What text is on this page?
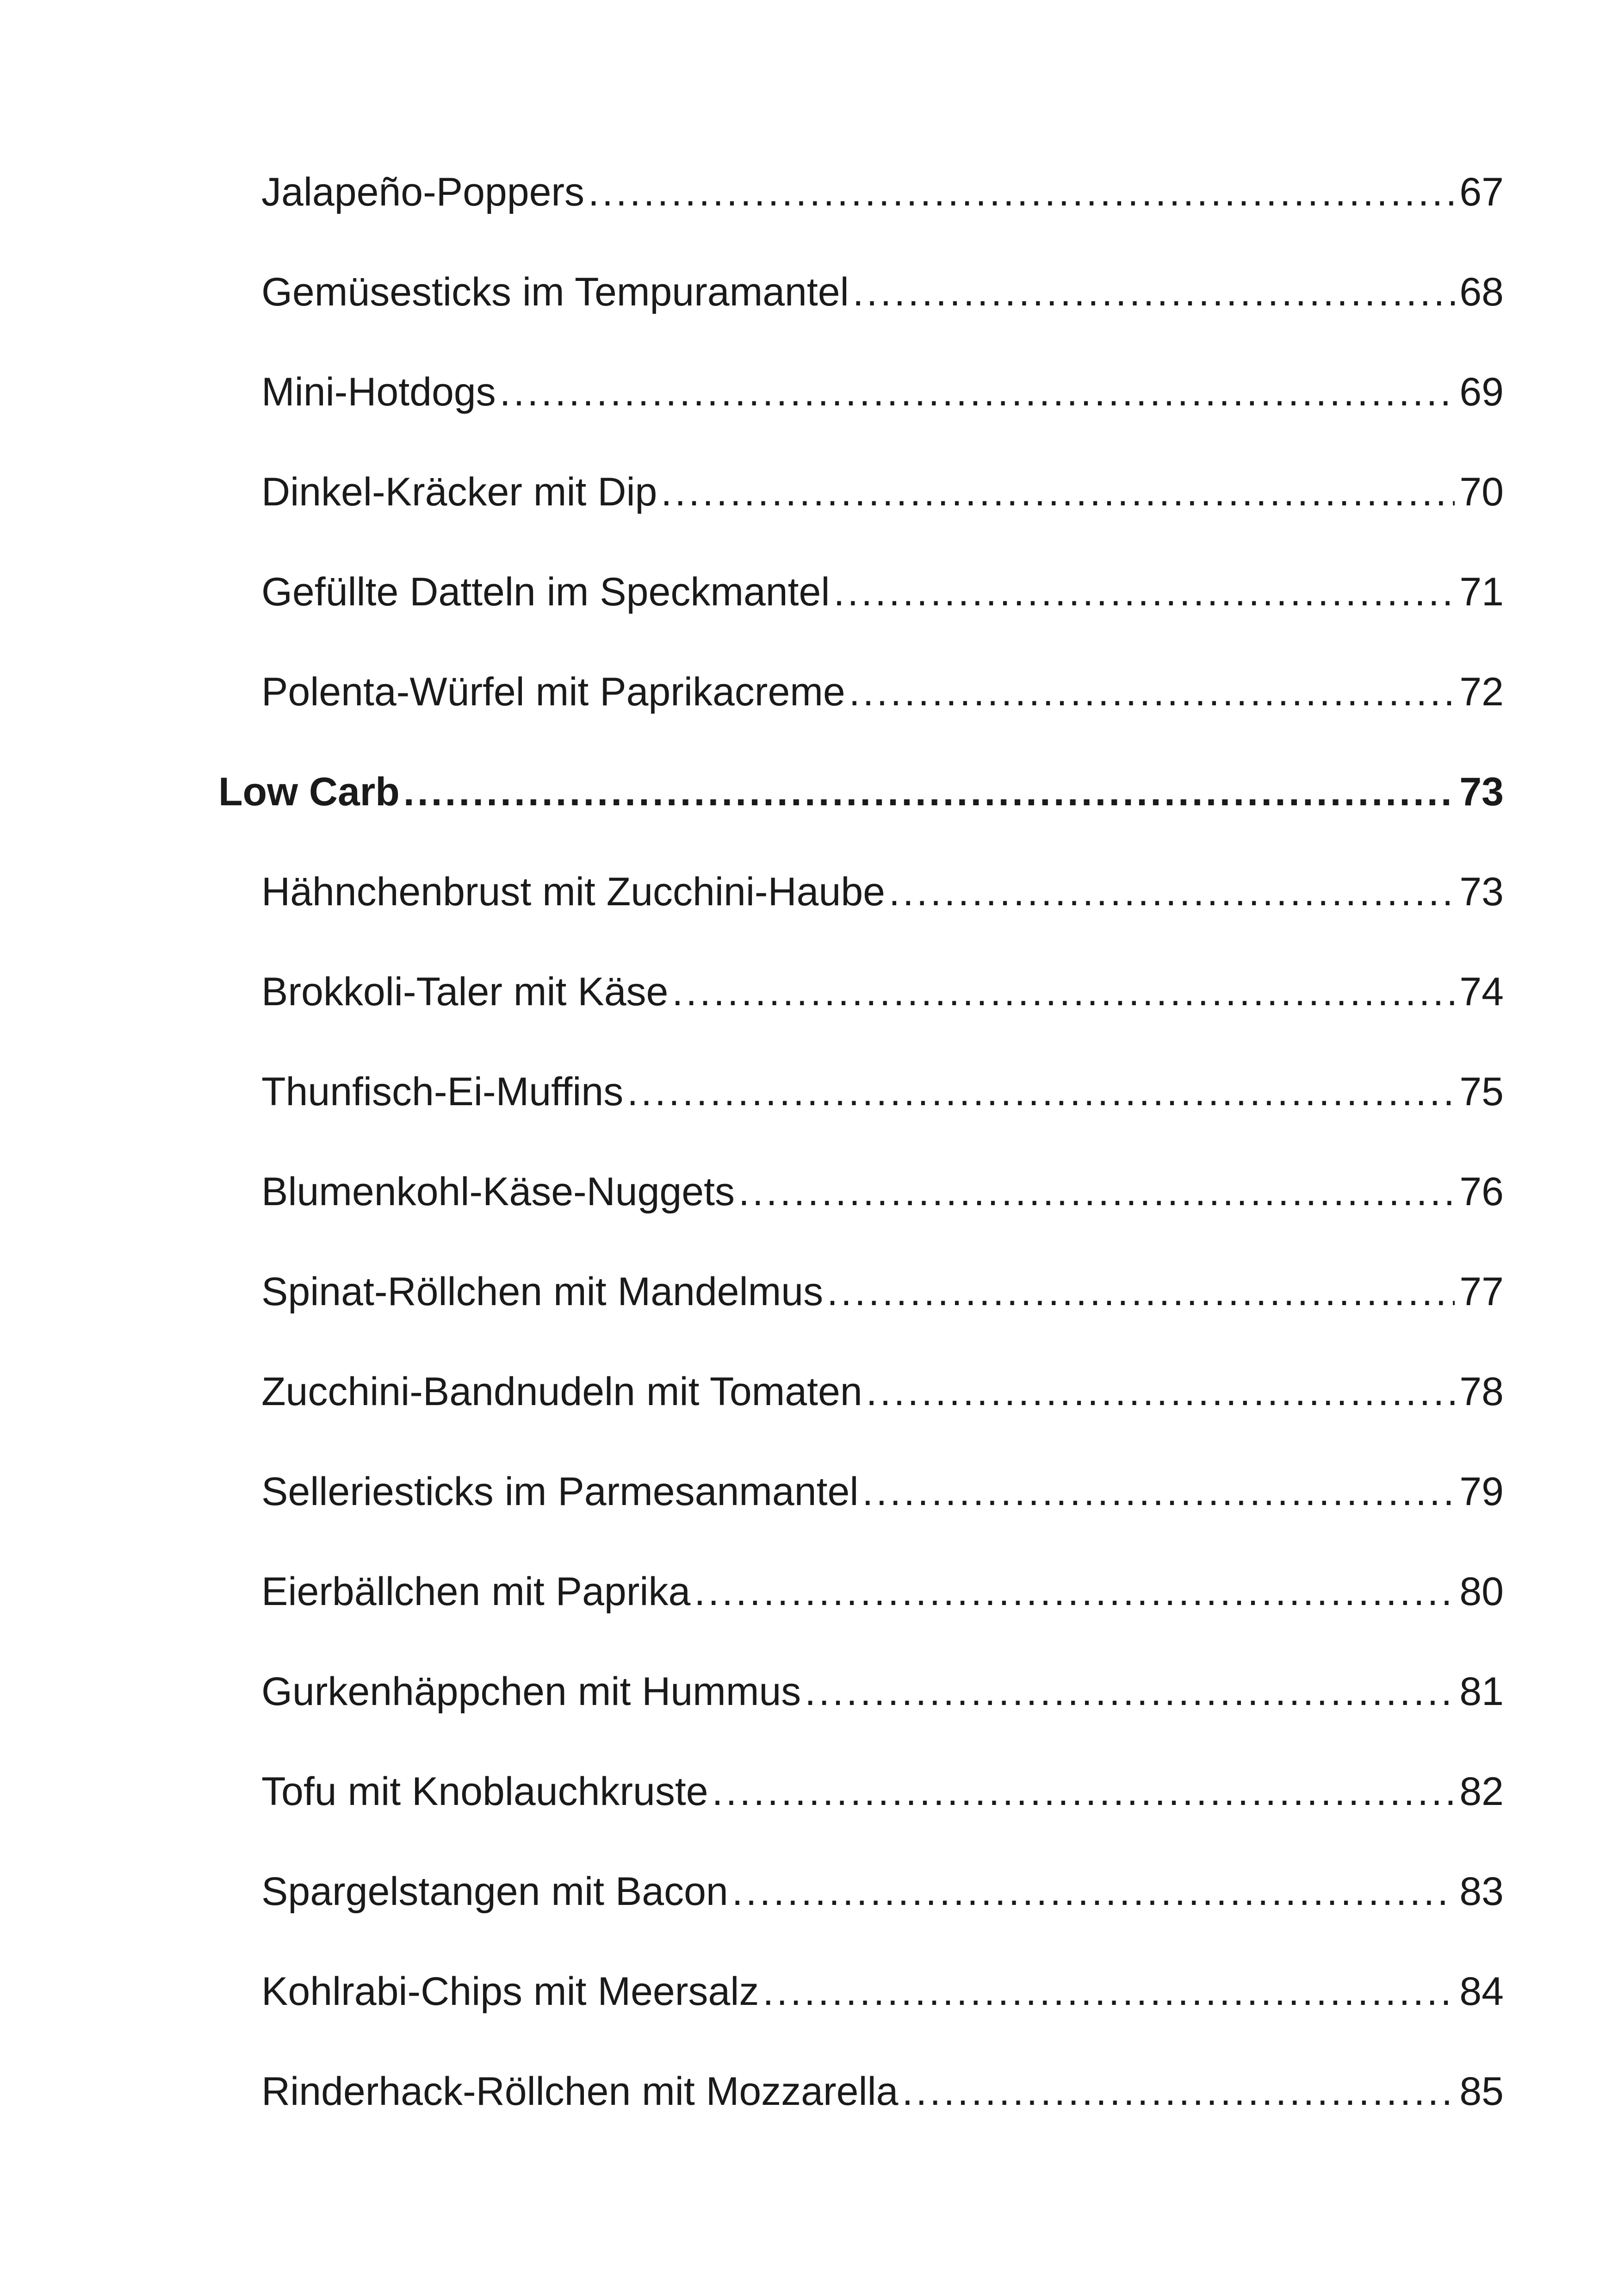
Jalapeño-Poppers .....	67
Gemüsesticks im Tempuramantel .....	68
Mini-Hotdogs .....	69
Dinkel-Kräcker mit Dip .....	70
Gefüllte Datteln im Speckmantel .....	71
Polenta-Würfel mit Paprikacreme .....	72
Low Carb .....	73
Hähnchenbrust mit Zucchini-Haube .....	73
Brokkoli-Taler mit Käse .....	74
Thunfisch-Ei-Muffins .....	75
Blumenkohl-Käse-Nuggets .....	76
Spinat-Röllchen mit Mandelmus .....	77
Zucchini-Bandnudeln mit Tomaten .....	78
Selleriesticks im Parmesanmantel .....	79
Eierbällchen mit Paprika .....	80
Gurkenhäppchen mit Hummus .....	81
Tofu mit Knoblauchkruste .....	82
Spargelstangen mit Bacon .....	83
Kohlrabi-Chips mit Meersalz .....	84
Rinderhack-Röllchen mit Mozzarella .....	85
